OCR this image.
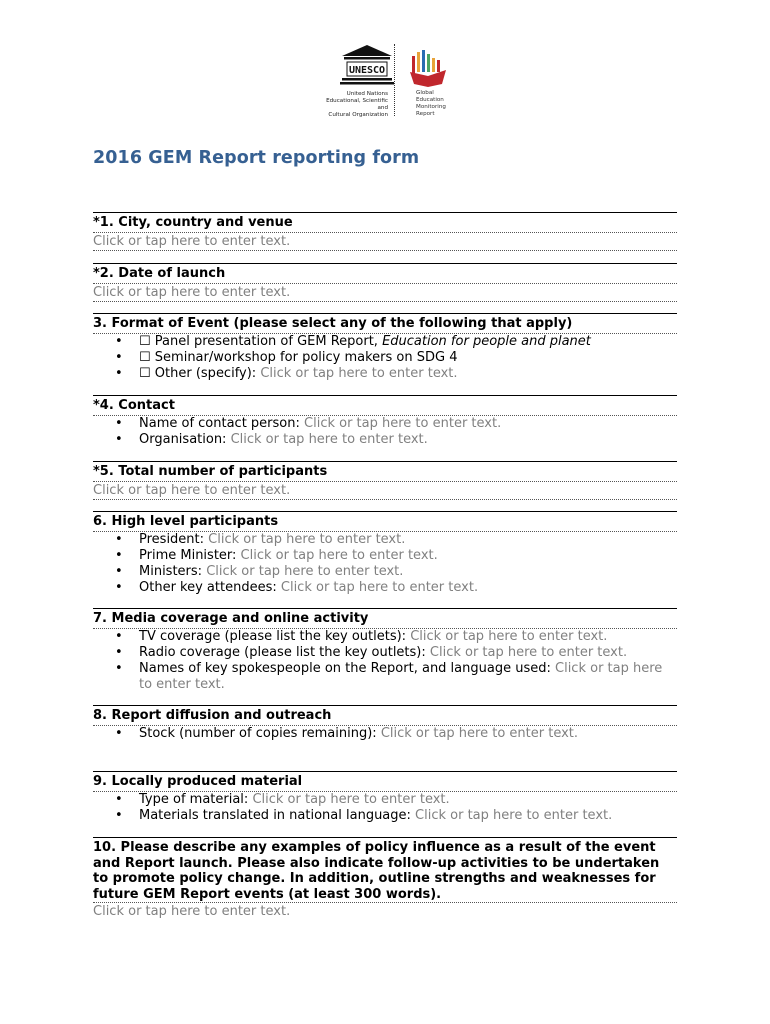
UNESCO
United Nations
Educational, Scientific and
Cultural Organization
Global
Education
Monitoring
Report
2016 GEM Report reporting form
*1. City, country and venue
Click or tap here to enter text.
*2. Date of launch
Click or tap here to enter text.
3. Format of Event (please select any of the following that apply)
• ☐ Panel presentation of GEM Report, Education for people and planet
• ☐ Seminar/workshop for policy makers on SDG 4
• ☐ Other (specify): Click or tap here to enter text.
*4. Contact
• Name of contact person: Click or tap here to enter text.
• Organisation: Click or tap here to enter text.
*5. Total number of participants
Click or tap here to enter text.
6. High level participants
• President: Click or tap here to enter text.
• Prime Minister: Click or tap here to enter text.
• Ministers: Click or tap here to enter text.
• Other key attendees: Click or tap here to enter text.
7. Media coverage and online activity
• TV coverage (please list the key outlets): Click or tap here to enter text.
• Radio coverage (please list the key outlets): Click or tap here to enter text.
• Names of key spokespeople on the Report, and language used: Click or tap here to enter text.
8. Report diffusion and outreach
• Stock (number of copies remaining): Click or tap here to enter text.
9. Locally produced material
• Type of material: Click or tap here to enter text.
• Materials translated in national language: Click or tap here to enter text.
10. Please describe any examples of policy influence as a result of the event and Report launch. Please also indicate follow-up activities to be undertaken to promote policy change. In addition, outline strengths and weaknesses for future GEM Report events (at least 300 words).
Click or tap here to enter text.
